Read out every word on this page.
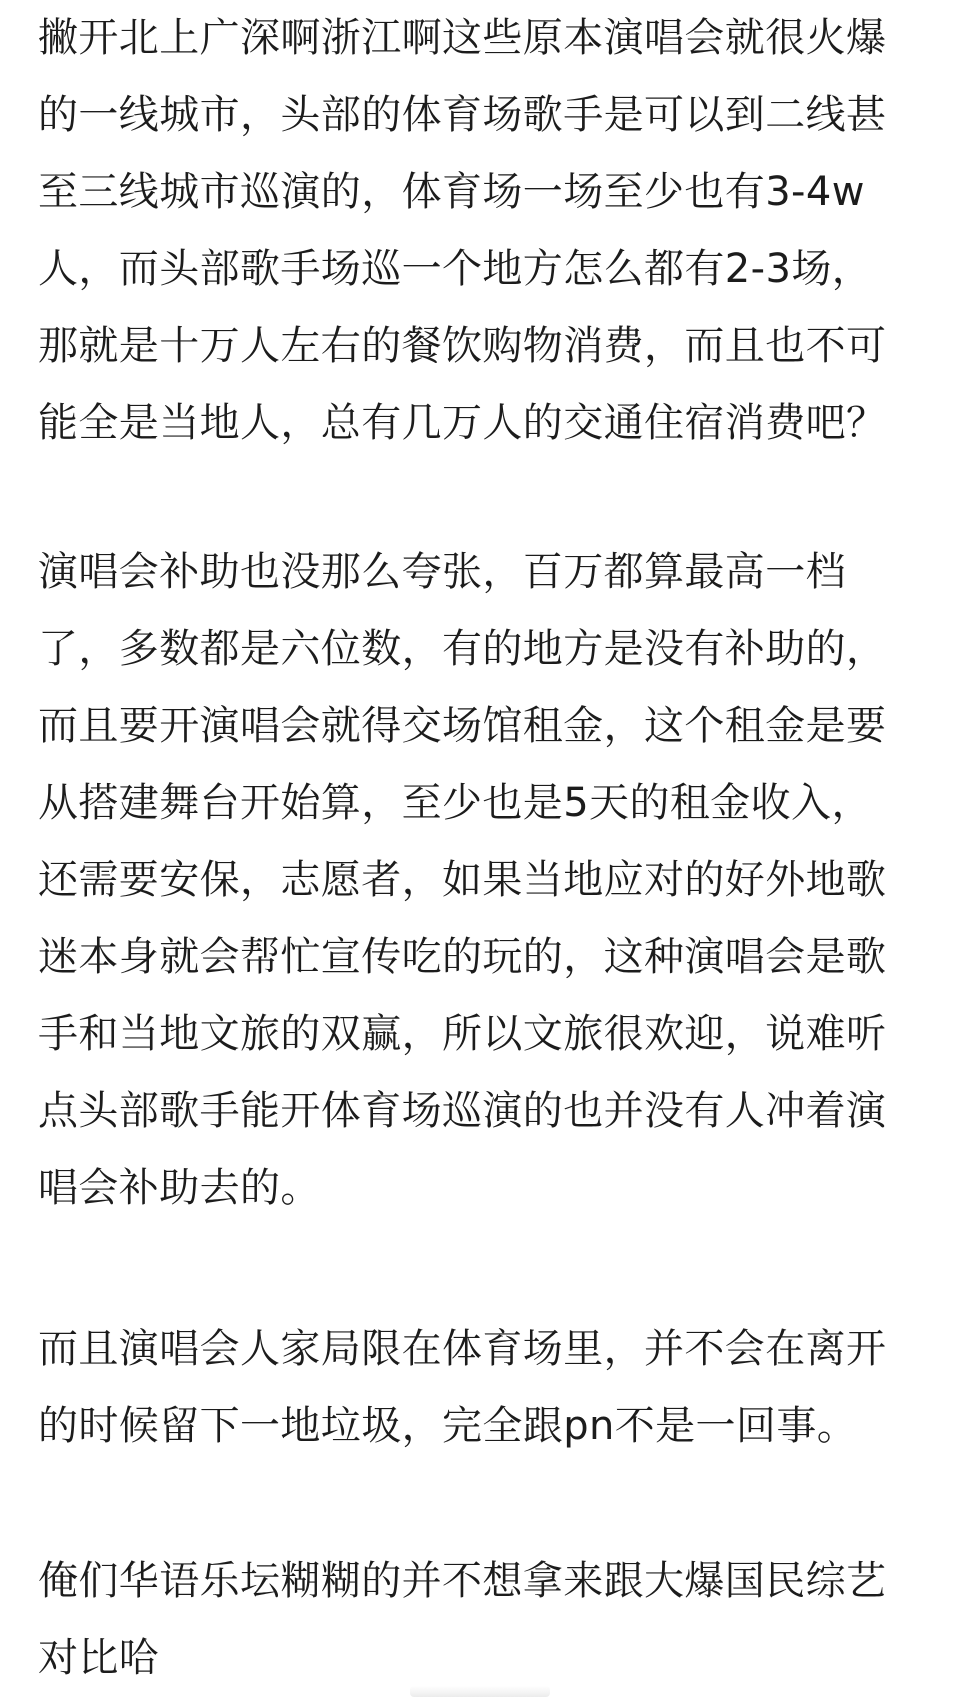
撇开北上广深啊浙江啊这些原本演唱会就很火爆
的一线城市，头部的体育场歌手是可以到二线甚
至三线城市巡演的，体育场一场至少也有3-4w
人，而头部歌手场巡一个地方怎么都有2-3场，
那就是十万人左右的餐饮购物消费，而且也不可
能全是当地人，总有几万人的交通住宿消费吧？

演唱会补助也没那么夸张，百万都算最高一档
了，多数都是六位数，有的地方是没有补助的，
而且要开演唱会就得交场馆租金，这个租金是要
从搭建舞台开始算，至少也是5天的租金收入，
还需要安保，志愿者，如果当地应对的好外地歌
迷本身就会帮忙宣传吃的玩的，这种演唱会是歌
手和当地文旅的双赢，所以文旅很欢迎，说难听
点头部歌手能开体育场巡演的也并没有人冲着演
唱会补助去的。

而且演唱会人家局限在体育场里，并不会在离开
的时候留下一地垃圾，完全跟pn不是一回事。

俺们华语乐坛糊糊的并不想拿来跟大爆国民综艺
对比哈
